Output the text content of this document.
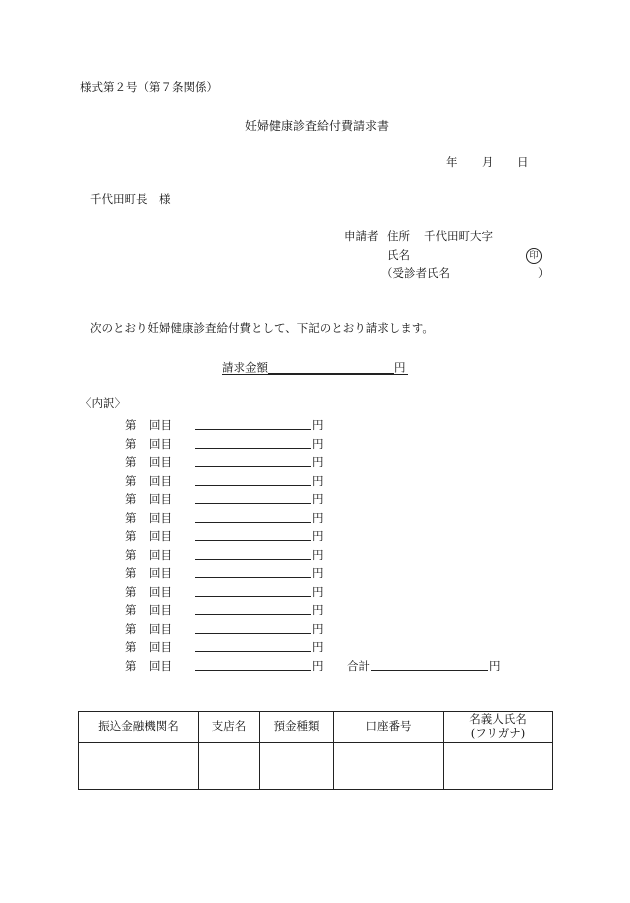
様式第２号（第７条関係）
妊婦健康診査給付費請求書
年 月 日
千代田町長　様
申請者 住所 千代田町大字
氏名	印
（受診者氏名	）
次のとおり妊婦健康診査給付費として、下記のとおり請求します。
請求金額	円
〈内訳〉
第 回目	円
第 回目	円
第 回目	円
第 回目	円
第 回目	円
第 回目	円
第 回目	円
第 回目	円
第 回目	円
第 回目	円
第 回目	円
第 回目	円
第 回目	円
第 回目	円 合計	円
振込金融機関名	支店名	預金種類	口座番号	名義人氏名
(フリガナ)
